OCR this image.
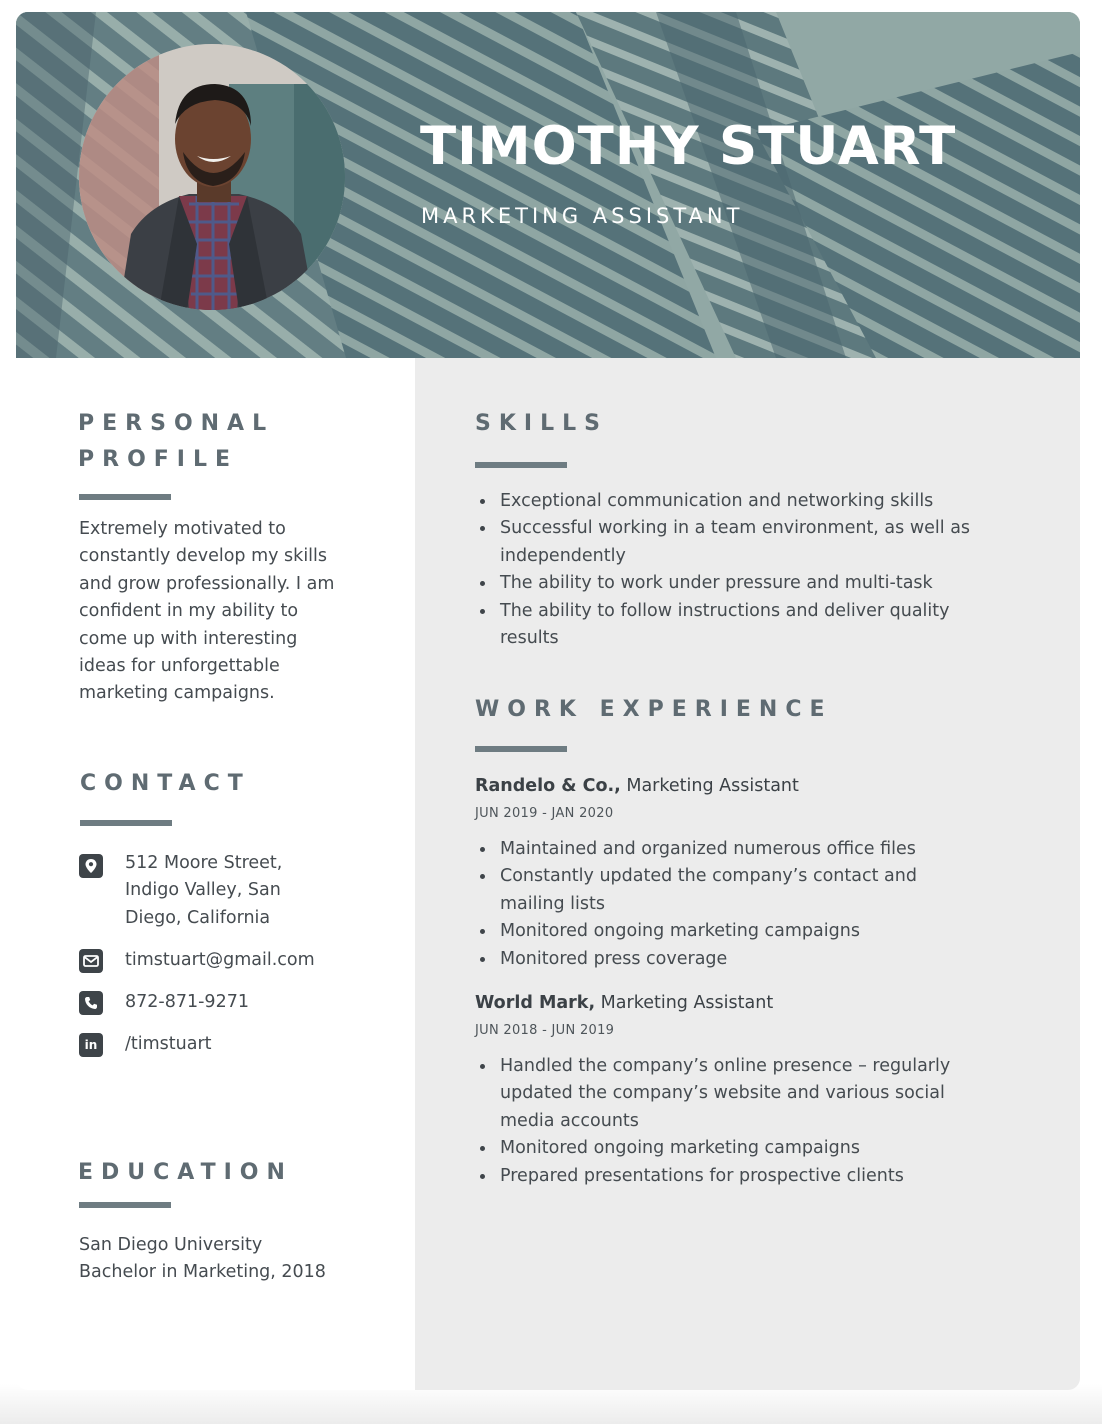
TIMOTHY STUART
MARKETING ASSISTANT
PERSONAL
PROFILE
Extremely motivated to
constantly develop my skills
and grow professionally. I am
confident in my ability to
come up with interesting
ideas for unforgettable
marketing campaigns.
CONTACT
512 Moore Street,
Indigo Valley, San
Diego, California
timstuart@gmail.com
872-871-9271
in /timstuart
EDUCATION
San Diego University
Bachelor in Marketing, 2018
SKILLS
Exceptional communication and networking skills
Successful working in a team environment, as well as
independently
The ability to work under pressure and multi-task
The ability to follow instructions and deliver quality
results
WORK EXPERIENCE
Randelo & Co., Marketing Assistant
JUN 2019 - JAN 2020
Maintained and organized numerous office files
Constantly updated the company’s contact and
mailing lists
Monitored ongoing marketing campaigns
Monitored press coverage
World Mark, Marketing Assistant
JUN 2018 - JUN 2019
Handled the company’s online presence – regularly
updated the company’s website and various social
media accounts
Monitored ongoing marketing campaigns
Prepared presentations for prospective clients
